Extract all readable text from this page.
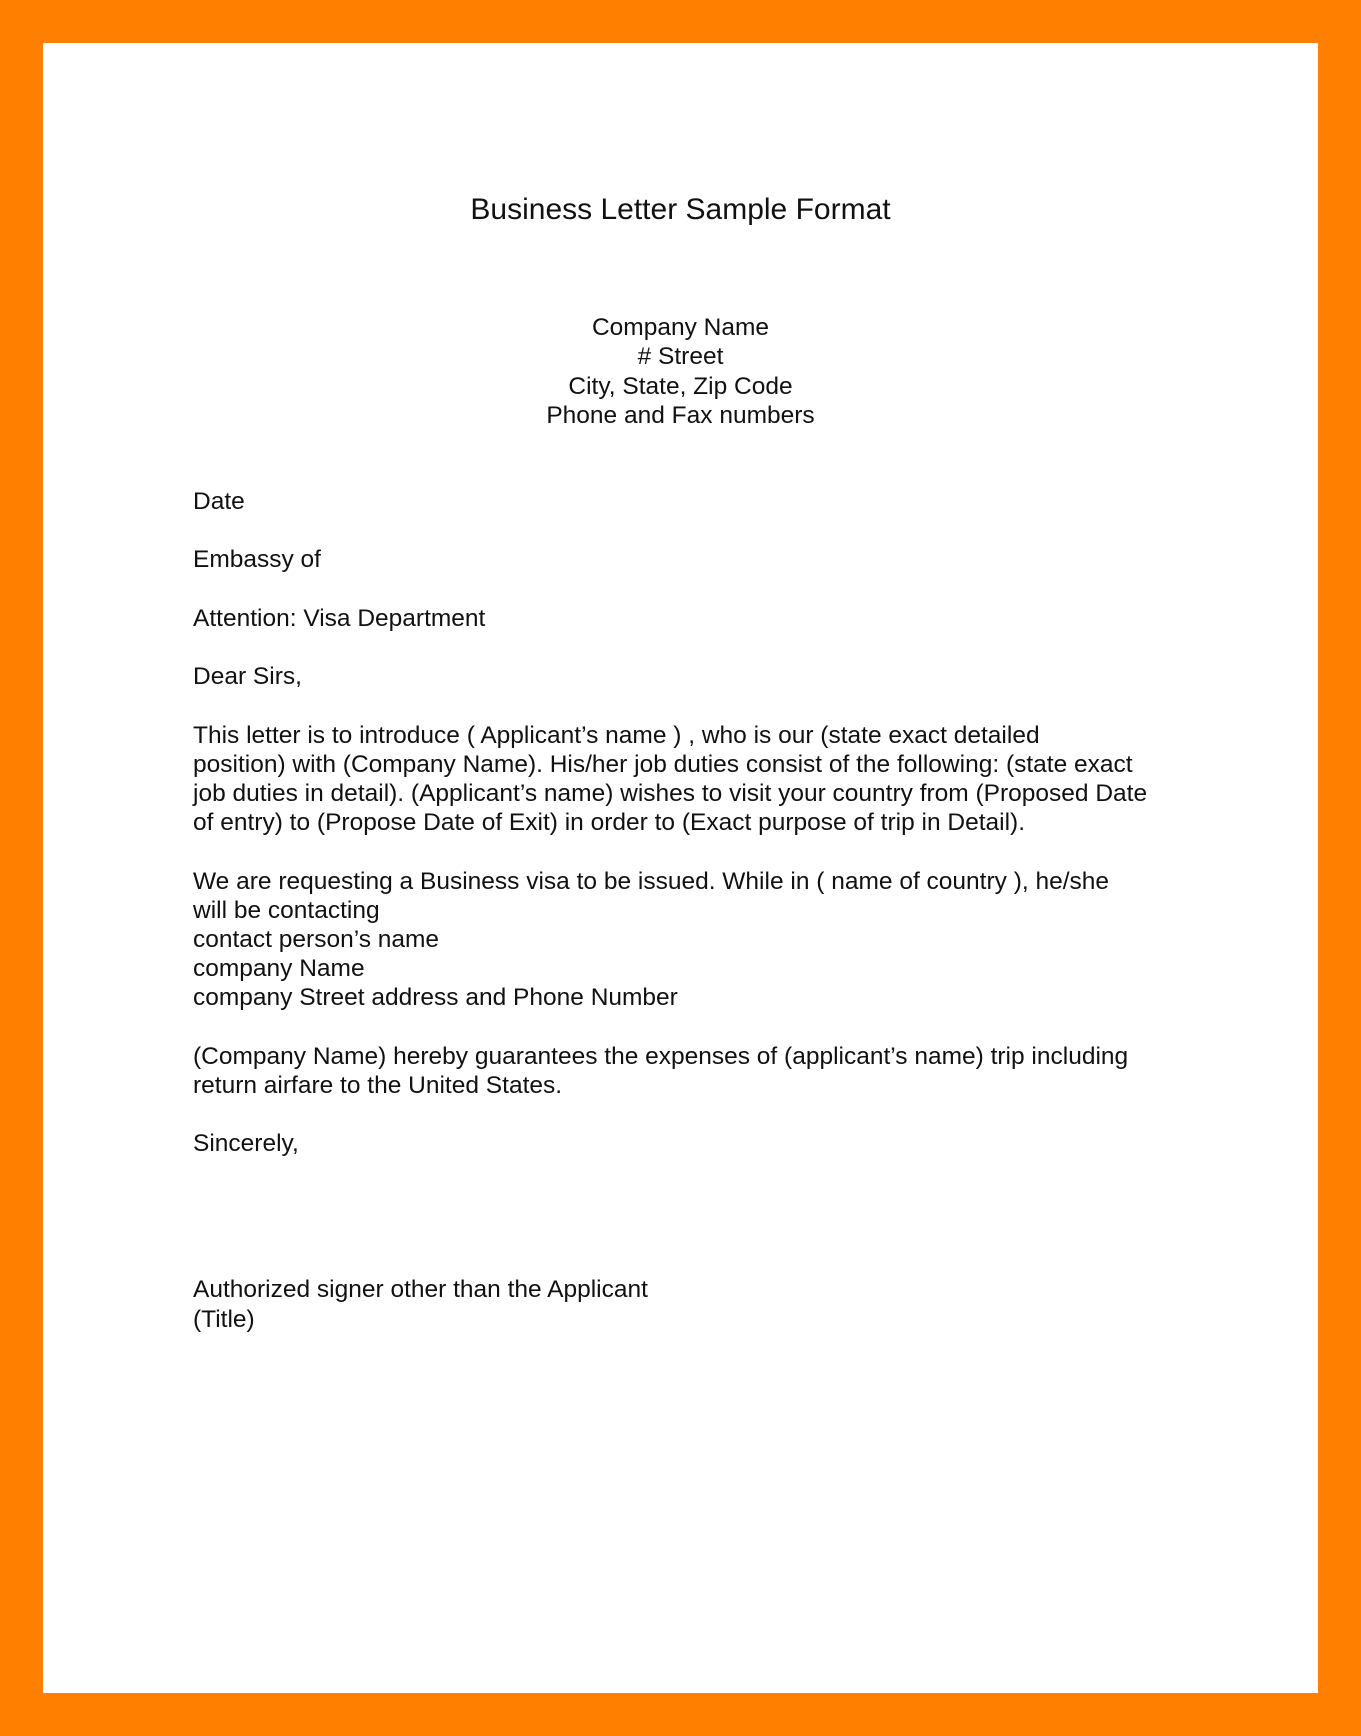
Business Letter Sample Format
Company Name
# Street
City, State, Zip Code
Phone and Fax numbers

Date

Embassy of

Attention: Visa Department

Dear Sirs,

This letter is to introduce ( Applicant’s name ) , who is our (state exact detailed
position) with (Company Name). His/her job duties consist of the following: (state exact
job duties in detail). (Applicant’s name) wishes to visit your country from (Proposed Date
of entry) to (Propose Date of Exit) in order to (Exact purpose of trip in Detail).

We are requesting a Business visa to be issued. While in ( name of country ), he/she
will be contacting
contact person’s name
company Name
company Street address and Phone Number

(Company Name) hereby guarantees the expenses of (applicant’s name) trip including
return airfare to the United States.

Sincerely,

Authorized signer other than the Applicant
(Title)
